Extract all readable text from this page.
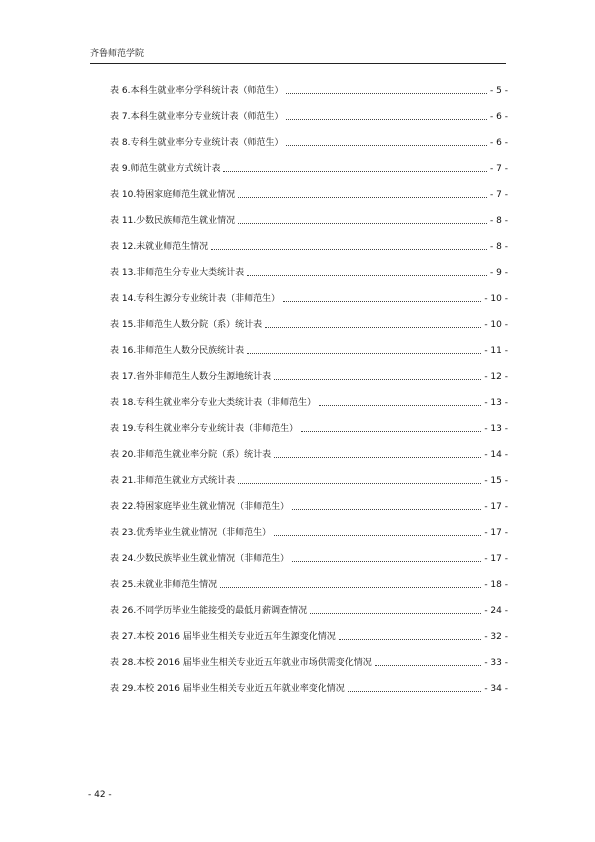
齐鲁师范学院
表 6.本科生就业率分学科统计表（师范生）	- 5 -
表 7.本科生就业率分专业统计表（师范生）	- 6 -
表 8.专科生就业率分专业统计表（师范生）	- 6 -
表 9.师范生就业方式统计表	- 7 -
表 10.特困家庭师范生就业情况	- 7 -
表 11.少数民族师范生就业情况	- 8 -
表 12.未就业师范生情况	- 8 -
表 13.非师范生分专业大类统计表	- 9 -
表 14.专科生源分专业统计表（非师范生）	- 10 -
表 15.非师范生人数分院（系）统计表	- 10 -
表 16.非师范生人数分民族统计表	- 11 -
表 17.省外非师范生人数分生源地统计表	- 12 -
表 18.专科生就业率分专业大类统计表（非师范生）	- 13 -
表 19.专科生就业率分专业统计表（非师范生）	- 13 -
表 20.非师范生就业率分院（系）统计表	- 14 -
表 21.非师范生就业方式统计表	- 15 -
表 22.特困家庭毕业生就业情况（非师范生）	- 17 -
表 23.优秀毕业生就业情况（非师范生）	- 17 -
表 24.少数民族毕业生就业情况（非师范生）	- 17 -
表 25.未就业非师范生情况	- 18 -
表 26.不同学历毕业生能接受的最低月薪调查情况	- 24 -
表 27.本校 2016 届毕业生相关专业近五年生源变化情况	- 32 -
表 28.本校 2016 届毕业生相关专业近五年就业市场供需变化情况	- 33 -
表 29.本校 2016 届毕业生相关专业近五年就业率变化情况	- 34 -
- 42 -
